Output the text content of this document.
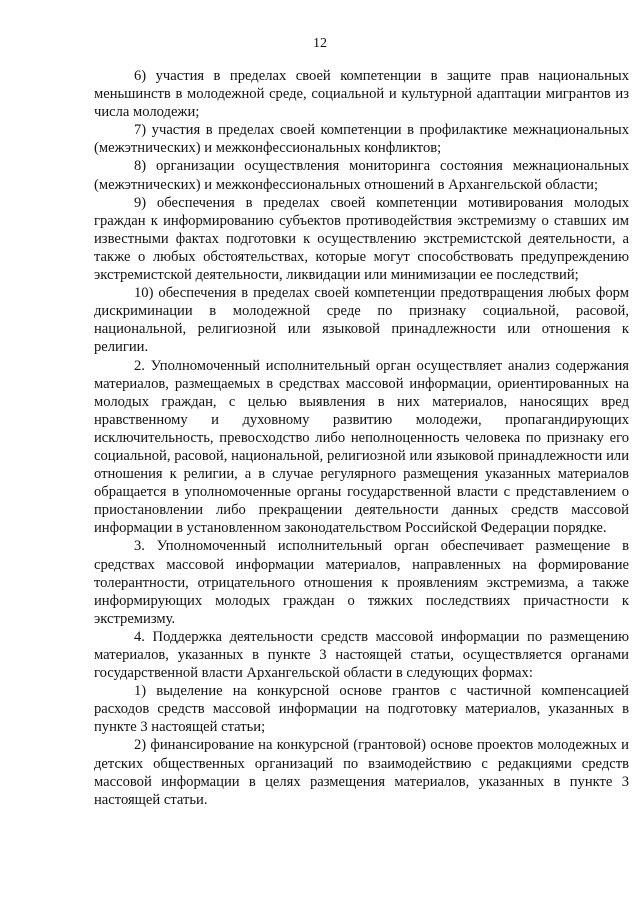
12

6) участия в пределах своей компетенции в защите прав национальных меньшинств в молодежной среде, социальной и культурной адаптации мигрантов из числа молодежи;

7) участия в пределах своей компетенции в профилактике межнациональных (межэтнических) и межконфессиональных конфликтов;

8) организации осуществления мониторинга состояния межнациональных (межэтнических) и межконфессиональных отношений в Архангельской области;

9) обеспечения в пределах своей компетенции мотивирования молодых граждан к информированию субъектов противодействия экстремизму о ставших им известными фактах подготовки к осуществлению экстремистской деятельности, а также о любых обстоятельствах, которые могут способствовать предупреждению экстремистской деятельности, ликвидации или минимизации ее последствий;

10) обеспечения в пределах своей компетенции предотвращения любых форм дискриминации в молодежной среде по признаку социальной, расовой, национальной, религиозной или языковой принадлежности или отношения к религии.

2. Уполномоченный исполнительный орган осуществляет анализ содержания материалов, размещаемых в средствах массовой информации, ориентированных на молодых граждан, с целью выявления в них материалов, наносящих вред нравственному и духовному развитию молодежи, пропагандирующих исключительность, превосходство либо неполноценность человека по признаку его социальной, расовой, национальной, религиозной или языковой принадлежности или отношения к религии, а в случае регулярного размещения указанных материалов обращается в уполномоченные органы государственной власти с представлением о приостановлении либо прекращении деятельности данных средств массовой информации в установленном законодательством Российской Федерации порядке.

3. Уполномоченный исполнительный орган обеспечивает размещение в средствах массовой информации материалов, направленных на формирование толерантности, отрицательного отношения к проявлениям экстремизма, а также информирующих молодых граждан о тяжких последствиях причастности к экстремизму.

4. Поддержка деятельности средств массовой информации по размещению материалов, указанных в пункте 3 настоящей статьи, осуществляется органами государственной власти Архангельской области в следующих формах:

1) выделение на конкурсной основе грантов с частичной компенсацией расходов средств массовой информации на подготовку материалов, указанных в пункте 3 настоящей статьи;

2) финансирование на конкурсной (грантовой) основе проектов молодежных и детских общественных организаций по взаимодействию с редакциями средств массовой информации в целях размещения материалов, указанных в пункте 3 настоящей статьи.
